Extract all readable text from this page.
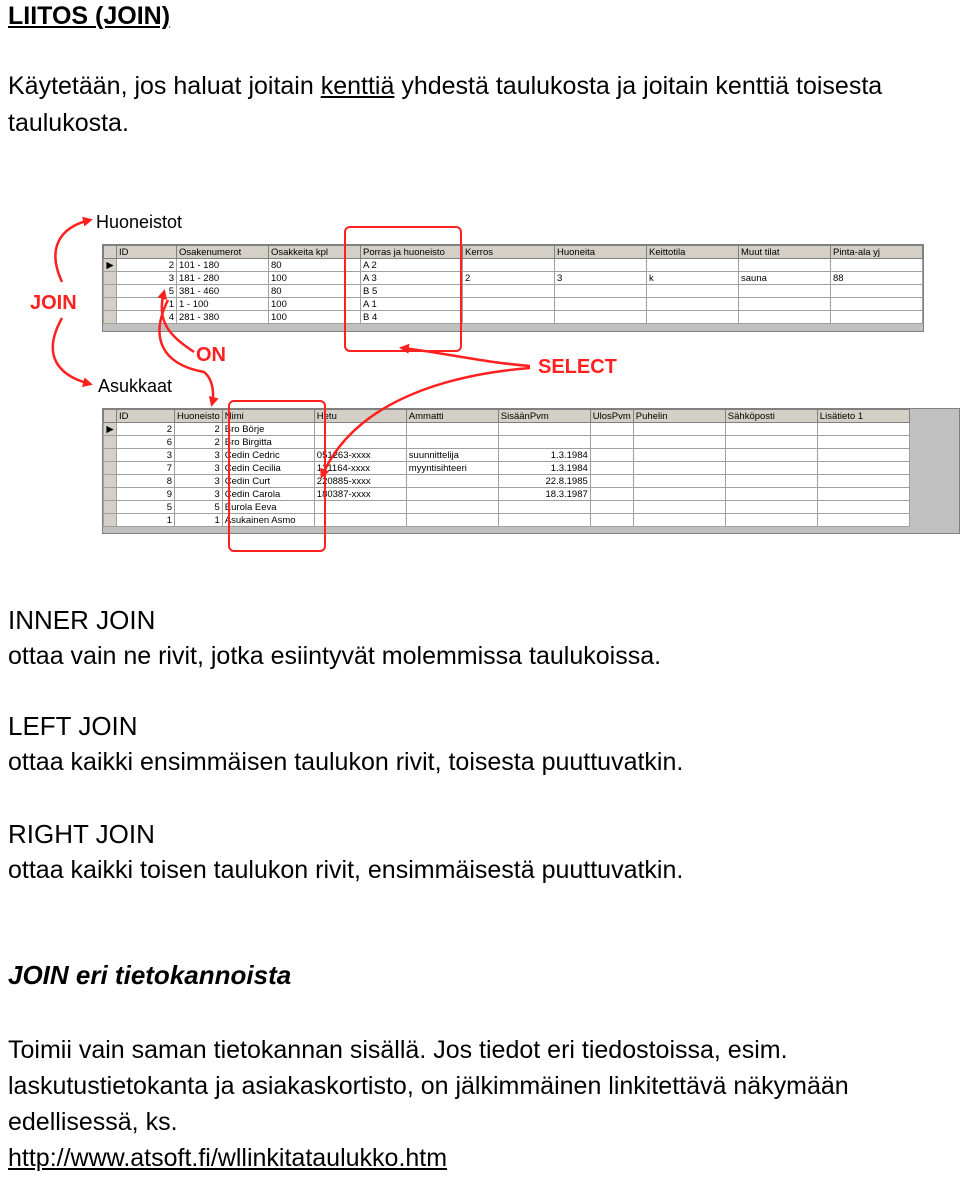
LIITOS (JOIN)

Käytetään, jos haluat joitain kenttiä yhdestä taulukosta ja joitain kenttiä toisesta taulukosta.

Huoneistot
Asukkaat
	ID	Osakenumerot	Osakkeita kpl	Porras ja huoneisto	Kerros	Huoneita	Keittotila	Muut tilat	Pinta-ala yj
▶	2	101 - 180	80	A 2					
	3	181 - 280	100	A 3	2	3	k	sauna	88
	5	381 - 460	80	B 5					
	1	1 - 100	100	A 1					
	4	281 - 380	100	B 4					
	ID	Huoneisto	Nimi	Hetu	Ammatti	SisäänPvm	UlosPvm	Puhelin	Sähköposti	Lisätieto 1
▶	2	2	Bro Börje							
	6	2	Bro Birgitta							
	3	3	Cedin Cedric	051263-xxxx	suunnittelija	1.3.1984				
	7	3	Cedin Cecilia	121164-xxxx	myyntisihteeri	1.3.1984				
	8	3	Cedin Curt	220885-xxxx		22.8.1985				
	9	3	Cedin Carola	180387-xxxx		18.3.1987				
	5	5	Eurola Eeva							
	1	1	Asukainen Asmo							
JOIN
ON
SELECT

INNER JOIN

ottaa vain ne rivit, jotka esiintyvät molemmissa taulukoissa.

LEFT JOIN

ottaa kaikki ensimmäisen taulukon rivit, toisesta puuttuvatkin.

RIGHT JOIN

ottaa kaikki toisen taulukon rivit, ensimmäisestä puuttuvatkin.

JOIN eri tietokannoista

Toimii vain saman tietokannan sisällä. Jos tiedot eri tiedostoissa, esim. laskutustietokanta ja asiakaskortisto, on jälkimmäinen linkitettävä näkymään edellisessä, ks.
http://www.atsoft.fi/wllinkitataulukko.htm
